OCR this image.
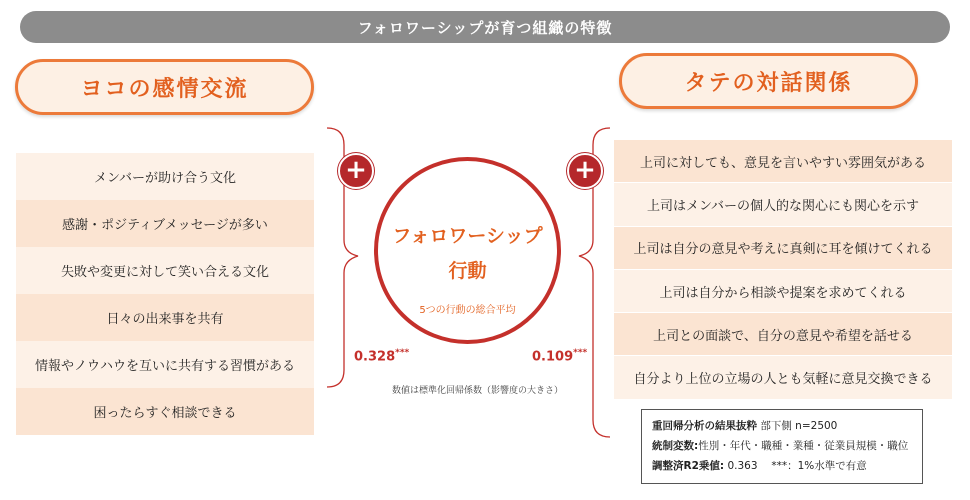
フォロワーシップが育つ組織の特徴
ヨコの感情交流	タテの対話関係
メンバーが助け合う文化
感謝・ポジティブメッセージが多い
失敗や変更に対して笑い合える文化
日々の出来事を共有
情報やノウハウを互いに共有する習慣がある
困ったらすぐ相談できる
上司に対しても、意見を言いやすい雰囲気がある
上司はメンバーの個人的な関心にも関心を示す
上司は自分の意見や考えに真剣に耳を傾けてくれる
上司は自分から相談や提案を求めてくれる
上司との面談で、自分の意見や希望を話せる
自分より上位の立場の人とも気軽に意見交換できる
+	+
フォロワーシップ
行動
5つの行動の総合平均
0.328***	0.109***
数値は標準化回帰係数（影響度の大きさ）
重回帰分析の結果抜粋 部下側 n=2500
統制変数:性別・年代・職種・業種・従業員規模・職位
調整済R2乗値: 0.363　 ***：1%水準で有意
